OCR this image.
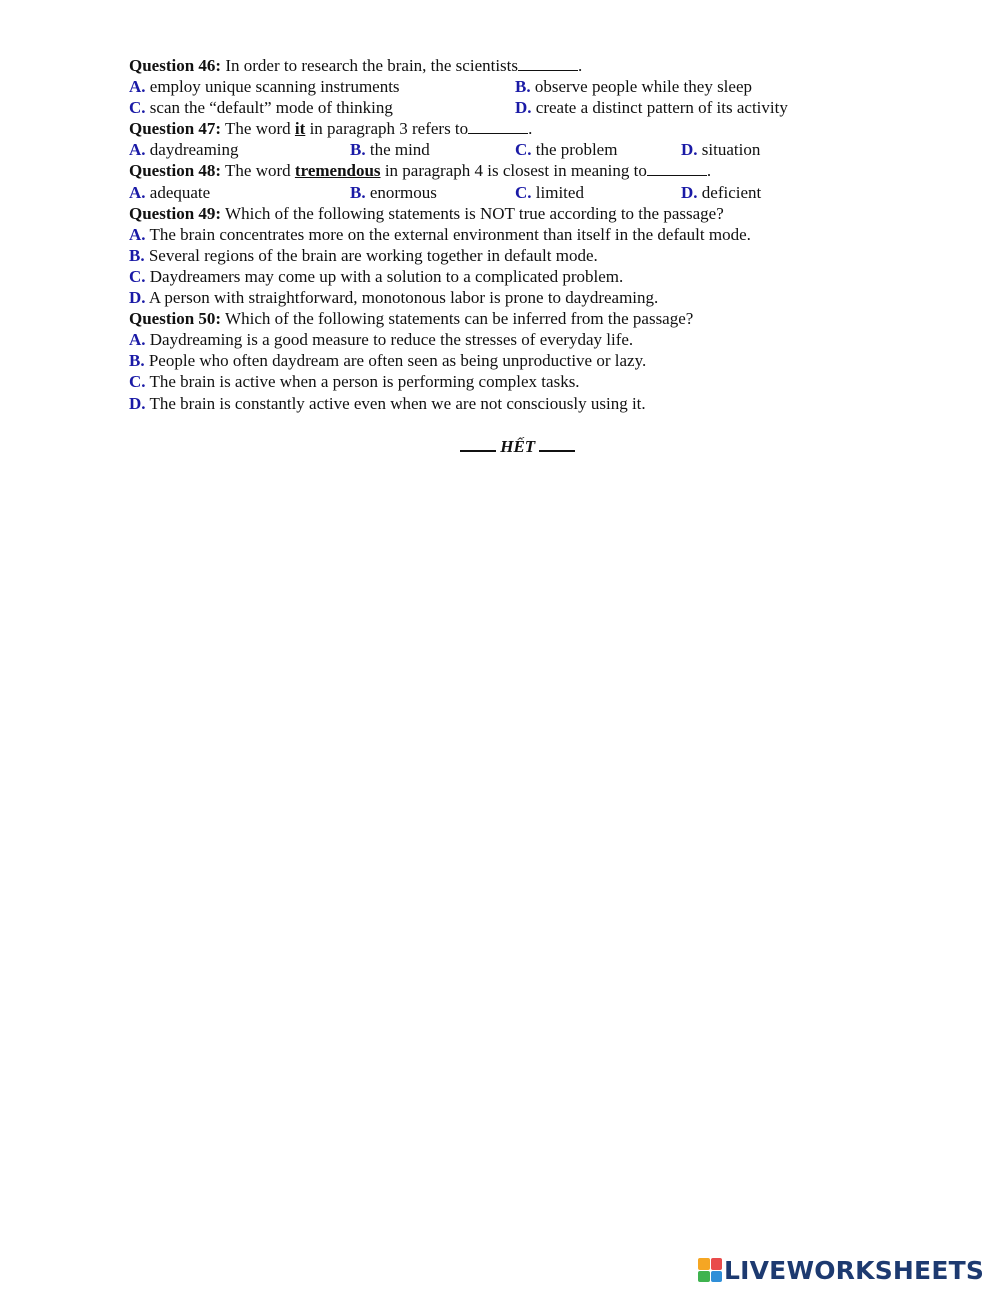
Question 46: In order to research the brain, the scientists	.
A. employ unique scanning instruments	B. observe people while they sleep
C. scan the “default” mode of thinking	D. create a distinct pattern of its activity
Question 47: The word it in paragraph 3 refers to	.
A. daydreaming	B. the mind	C. the problem	D. situation
Question 48: The word tremendous in paragraph 4 is closest in meaning to	.
A. adequate	B. enormous	C. limited	D. deficient
Question 49: Which of the following statements is NOT true according to the passage?
A. The brain concentrates more on the external environment than itself in the default mode.
B. Several regions of the brain are working together in default mode.
C. Daydreamers may come up with a solution to a complicated problem.
D. A person with straightforward, monotonous labor is prone to daydreaming.
Question 50: Which of the following statements can be inferred from the passage?
A. Daydreaming is a good measure to reduce the stresses of everyday life.
B. People who often daydream are often seen as being unproductive or lazy.
C. The brain is active when a person is performing complex tasks.
D. The brain is constantly active even when we are not consciously using it.
HẾT
LIVEWORKSHEETS
